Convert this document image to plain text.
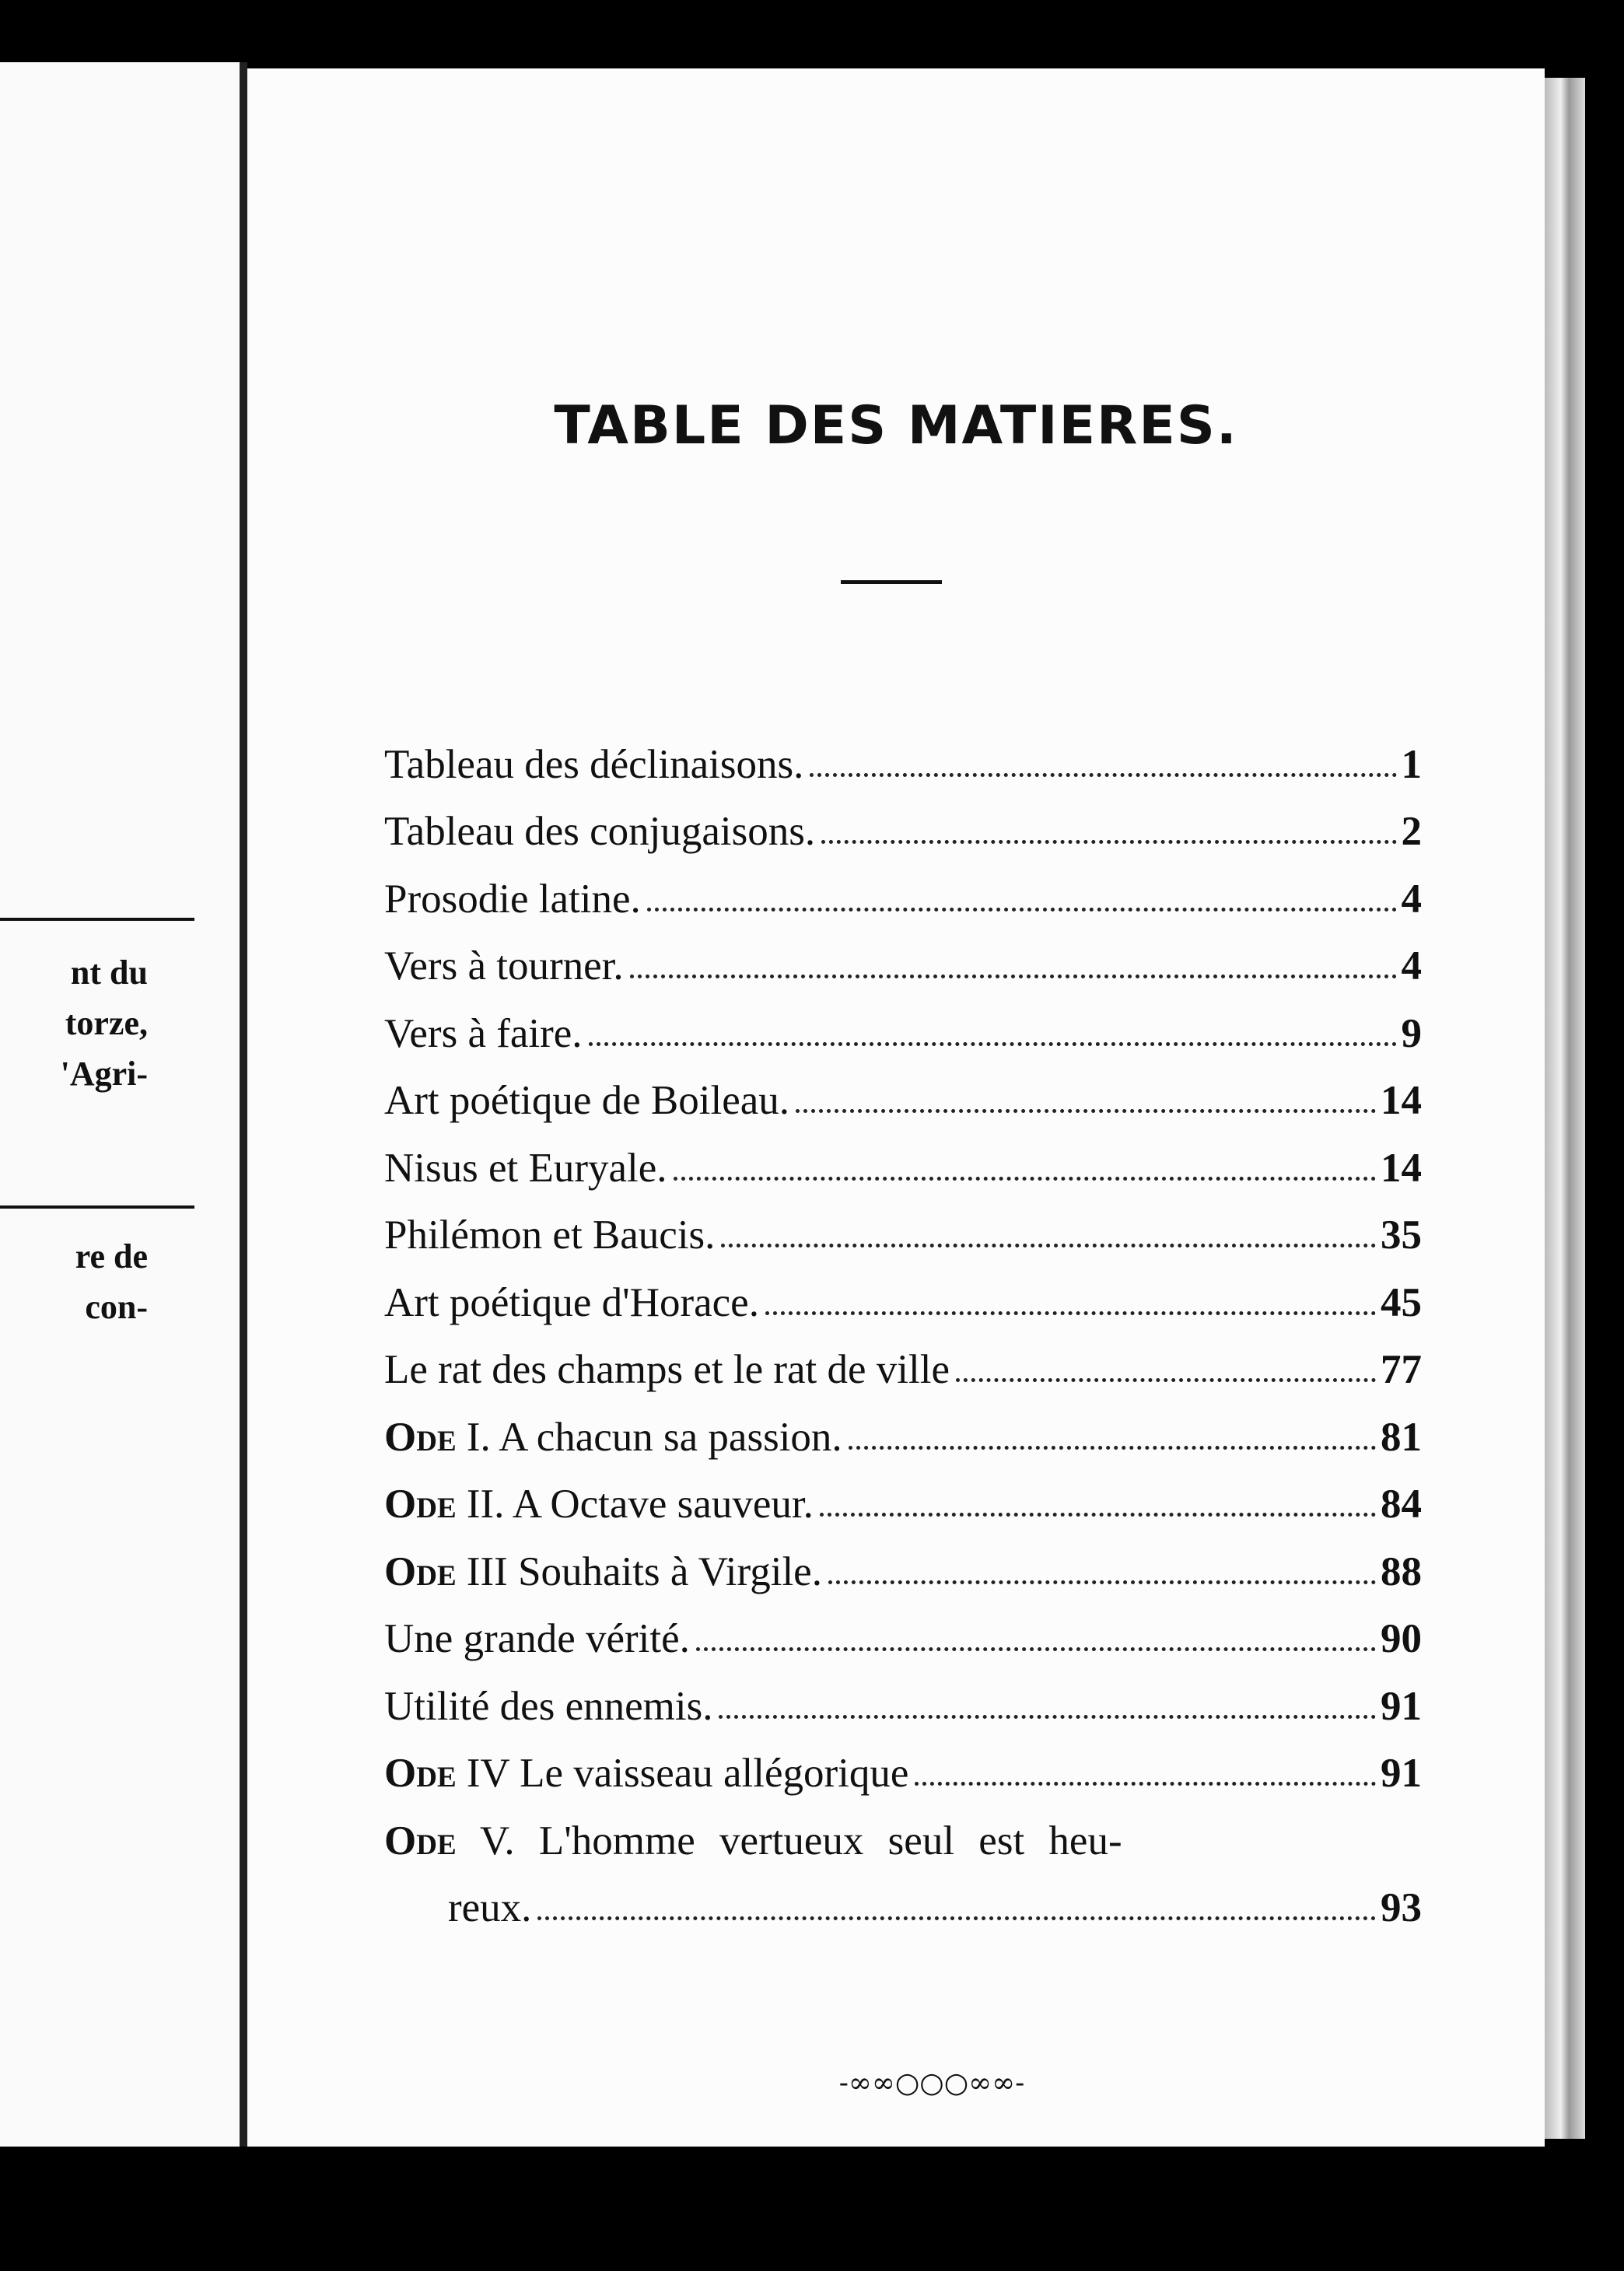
nt du
torze,
'Agri-
re de
con-
TABLE DES MATIERES.
Tableau des déclinaisons.	1
Tableau des conjugaisons.	2
Prosodie latine.	4
Vers à tourner.	4
Vers à faire.	9
Art poétique de Boileau.	14
Nisus et Euryale.	14
Philémon et Baucis.	35
Art poétique d'Horace.	45
Le rat des champs et le rat de ville	77
Ode I. A chacun sa passion.	81
Ode II. A Octave sauveur.	84
Ode III Souhaits à Virgile.	88
Une grande vérité.	90
Utilité des ennemis.	91
Ode IV Le vaisseau allégorique	91
Ode V. L'homme vertueux seul est heu-
reux.	93
-∞∞○○○∞∞-
